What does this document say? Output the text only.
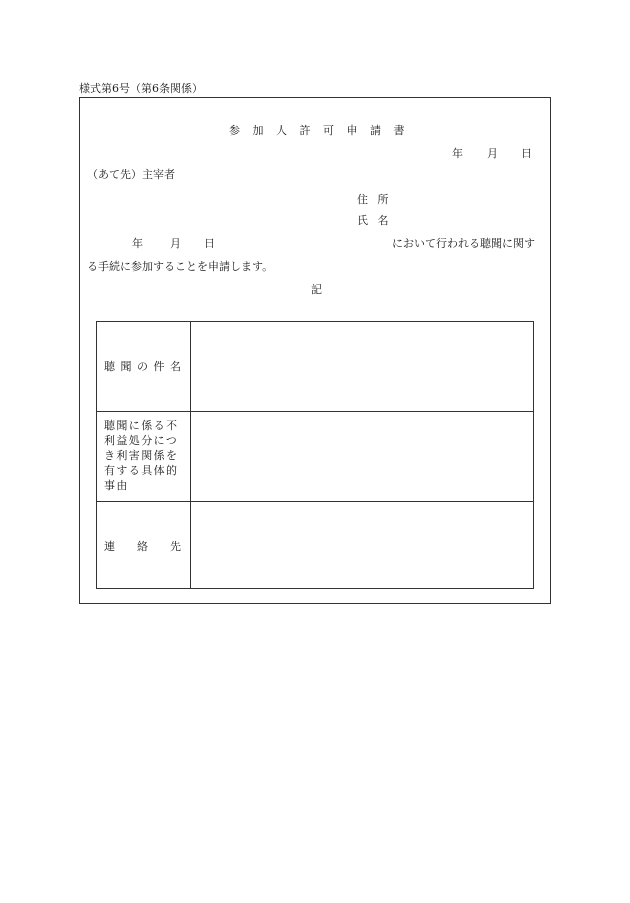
様式第6号（第6条関係）
参 加 人 許 可 申 請 書
年 月 日
（あて先）主宰者
住 所
氏 名
年 月 日	において行われる聴聞に関す
る手続に参加することを申請します。
記
聴 聞 の 件 名
聴聞に係る不
利益処分につ
き利害関係を
有する具体的
事由
連　　絡　　先
